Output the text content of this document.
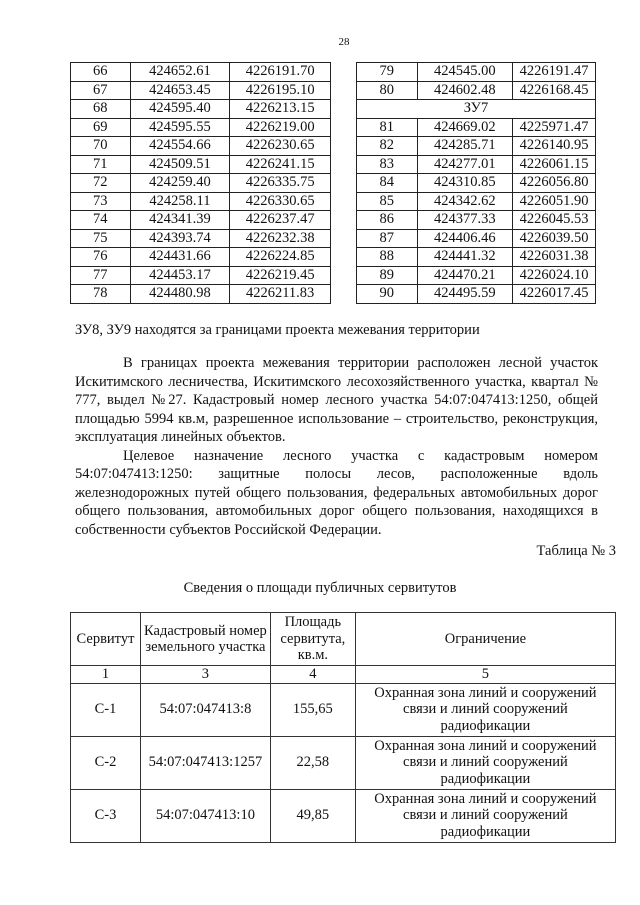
28
66	424652.61	4226191.70
67	424653.45	4226195.10
68	424595.40	4226213.15
69	424595.55	4226219.00
70	424554.66	4226230.65
71	424509.51	4226241.15
72	424259.40	4226335.75
73	424258.11	4226330.65
74	424341.39	4226237.47
75	424393.74	4226232.38
76	424431.66	4226224.85
77	424453.17	4226219.45
78	424480.98	4226211.83
79	424545.00	4226191.47
80	424602.48	4226168.45
ЗУ7		
81	424669.02	4225971.47
82	424285.71	4226140.95
83	424277.01	4226061.15
84	424310.85	4226056.80
85	424342.62	4226051.90
86	424377.33	4226045.53
87	424406.46	4226039.50
88	424441.32	4226031.38
89	424470.21	4226024.10
90	424495.59	4226017.45
ЗУ8, ЗУ9 находятся за границами проекта межевания территории

В границах проекта межевания территории расположен лесной участок Искитимского лесничества, Искитимского лесохозяйственного участка, квартал № 777, выдел №27. Кадастровый номер лесного участка 54:07:047413:1250, общей площадью 5994 кв.м, разрешенное использование – строительство, реконструкция, эксплуатация линейных объектов.

Целевое назначение лесного участка с кадастровым номером 54:07:047413:1250: защитные полосы лесов, расположенные вдоль железнодорожных путей общего пользования, федеральных автомобильных дорог общего пользования, автомобильных дорог общего пользования, находящихся в собственности субъектов Российской Федерации.

Таблица № 3
Сведения о площади публичных сервитутов
Сервитут	Кадастровый номер земельного участка	Площадь сервитута, кв.м.	Ограничение
1	3	4	5
С-1	54:07:047413:8	155,65	Охранная зона линий и сооружений связи и линий сооружений радиофикации
С-2	54:07:047413:1257	22,58	Охранная зона линий и сооружений связи и линий сооружений радиофикации
С-3	54:07:047413:10	49,85	Охранная зона линий и сооружений связи и линий сооружений радиофикации
